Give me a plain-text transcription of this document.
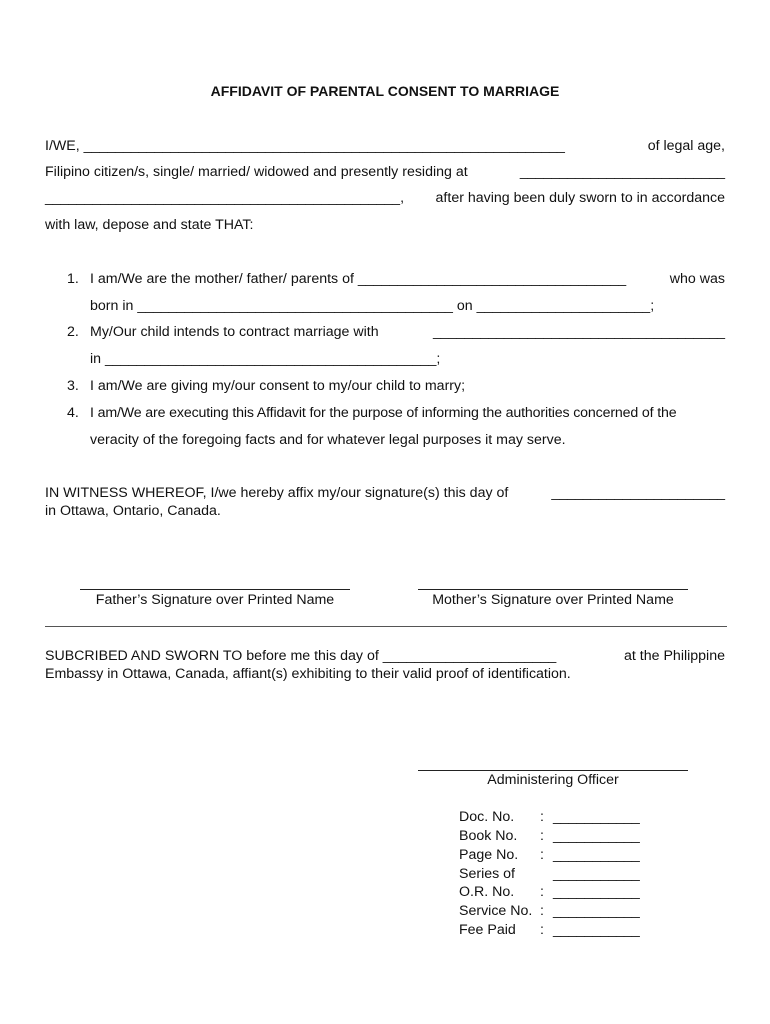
AFFIDAVIT OF PARENTAL CONSENT TO MARRIAGE
I/WE, _____________________________________________________________	of legal age,
Filipino citizen/s, single/ married/ widowed and presently residing at	__________________________
_____________________________________________, after having been duly sworn to in accordance
with law, depose and state THAT:
1. I am/We are the mother/ father/ parents of __________________________________	who was
born in ________________________________________ on ______________________;
2. My/Our child intends to contract marriage with	_____________________________________
in __________________________________________;
3. I am/We are giving my/our consent to my/our child to marry;
4. I am/We are executing this Affidavit for the purpose of informing the authorities concerned of the
veracity of the foregoing facts and for whatever legal purposes it may serve.
IN WITNESS WHEREOF, I/we hereby affix my/our signature(s) this day of	______________________
in Ottawa, Ontario, Canada.
Father’s Signature over Printed Name	Mother’s Signature over Printed Name
SUBCRIBED AND SWORN TO before me this day of ______________________	at the Philippine
Embassy in Ottawa, Canada, affiant(s) exhibiting to their valid proof of identification.
Administering Officer
Doc. No. : ___________
Book No. : ___________
Page No. : ___________
Series of	___________
O.R. No. : ___________
Service No. : ___________
Fee Paid : ___________
